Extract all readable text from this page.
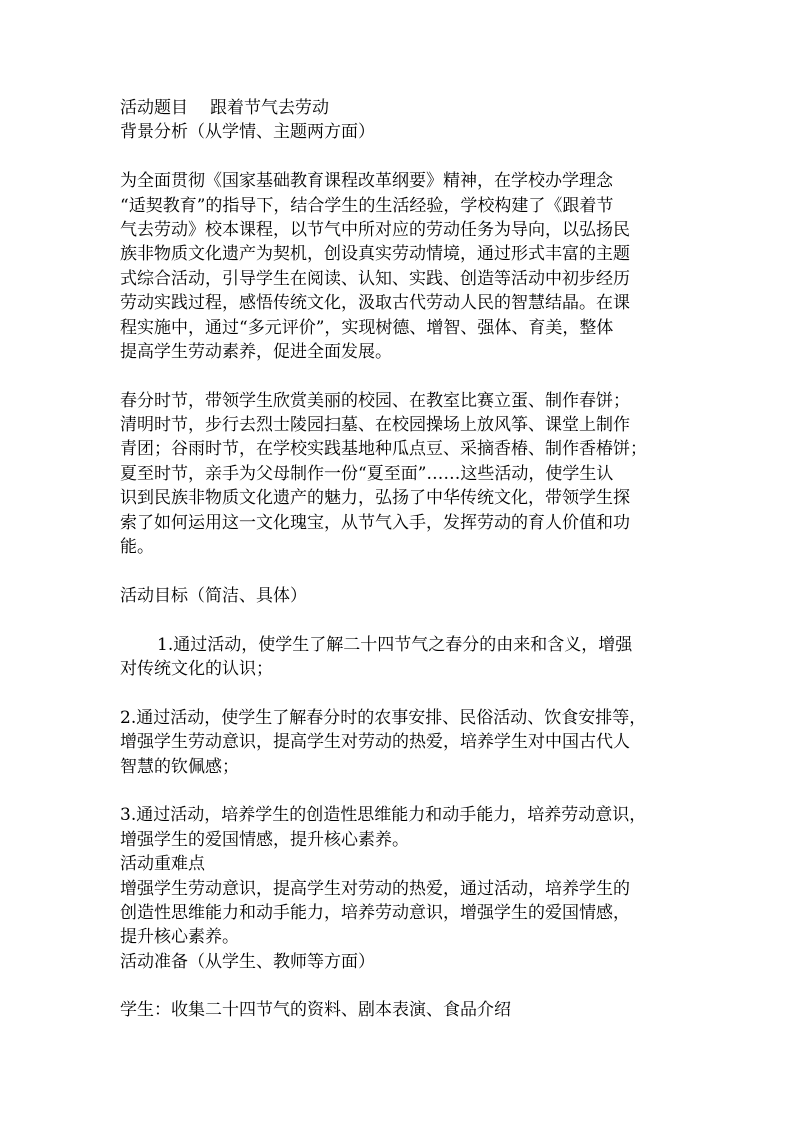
活动题目 跟着节气去劳动
背景分析（从学情、主题两方面）
为全面贯彻《国家基础教育课程改革纲要》精神，在学校办学理念
“适契教育”的指导下，结合学生的生活经验，学校构建了《跟着节
气去劳动》校本课程，以节气中所对应的劳动任务为导向，以弘扬民
族非物质文化遗产为契机，创设真实劳动情境，通过形式丰富的主题
式综合活动，引导学生在阅读、认知、实践、创造等活动中初步经历
劳动实践过程，感悟传统文化，汲取古代劳动人民的智慧结晶。在课
程实施中，通过“多元评价”，实现树德、增智、强体、育美，整体
提高学生劳动素养，促进全面发展。
春分时节，带领学生欣赏美丽的校园、在教室比赛立蛋、制作春饼；
清明时节，步行去烈士陵园扫墓、在校园操场上放风筝、课堂上制作
青团；谷雨时节，在学校实践基地种瓜点豆、采摘香椿、制作香椿饼；
夏至时节，亲手为父母制作一份“夏至面”……这些活动，使学生认
识到民族非物质文化遗产的魅力，弘扬了中华传统文化，带领学生探
索了如何运用这一文化瑰宝，从节气入手，发挥劳动的育人价值和功
能。
活动目标（简洁、具体）
1.通过活动，使学生了解二十四节气之春分的由来和含义，增强
对传统文化的认识；
2.通过活动，使学生了解春分时的农事安排、民俗活动、饮食安排等，
增强学生劳动意识，提高学生对劳动的热爱，培养学生对中国古代人
智慧的钦佩感；
3.通过活动，培养学生的创造性思维能力和动手能力，培养劳动意识，
增强学生的爱国情感，提升核心素养。
活动重难点
增强学生劳动意识，提高学生对劳动的热爱，通过活动，培养学生的
创造性思维能力和动手能力，培养劳动意识，增强学生的爱国情感，
提升核心素养。
活动准备（从学生、教师等方面）
学生：收集二十四节气的资料、剧本表演、食品介绍
